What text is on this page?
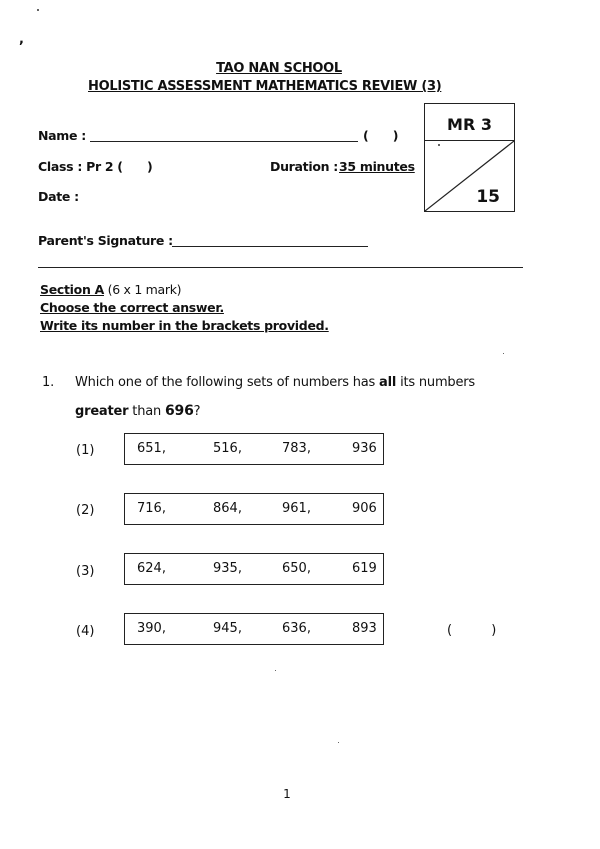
,
TAO NAN SCHOOL
HOLISTIC ASSESSMENT MATHEMATICS REVIEW (3)
Name :	(      )
Class : Pr 2 (      )	Duration : 35 minutes
Date :
Parent's Signature :
MR 3
15
Section A (6 x 1 mark)
Choose the correct answer.
Write its number in the brackets provided.
1. Which one of the following sets of numbers has all its numbers
greater than 696?
(1)	651,	516,	783,	936
(2)	716,	864,	961,	906
(3)	624,	935,	650,	619
(4)	390,	945,	636,	893	(          )
1
